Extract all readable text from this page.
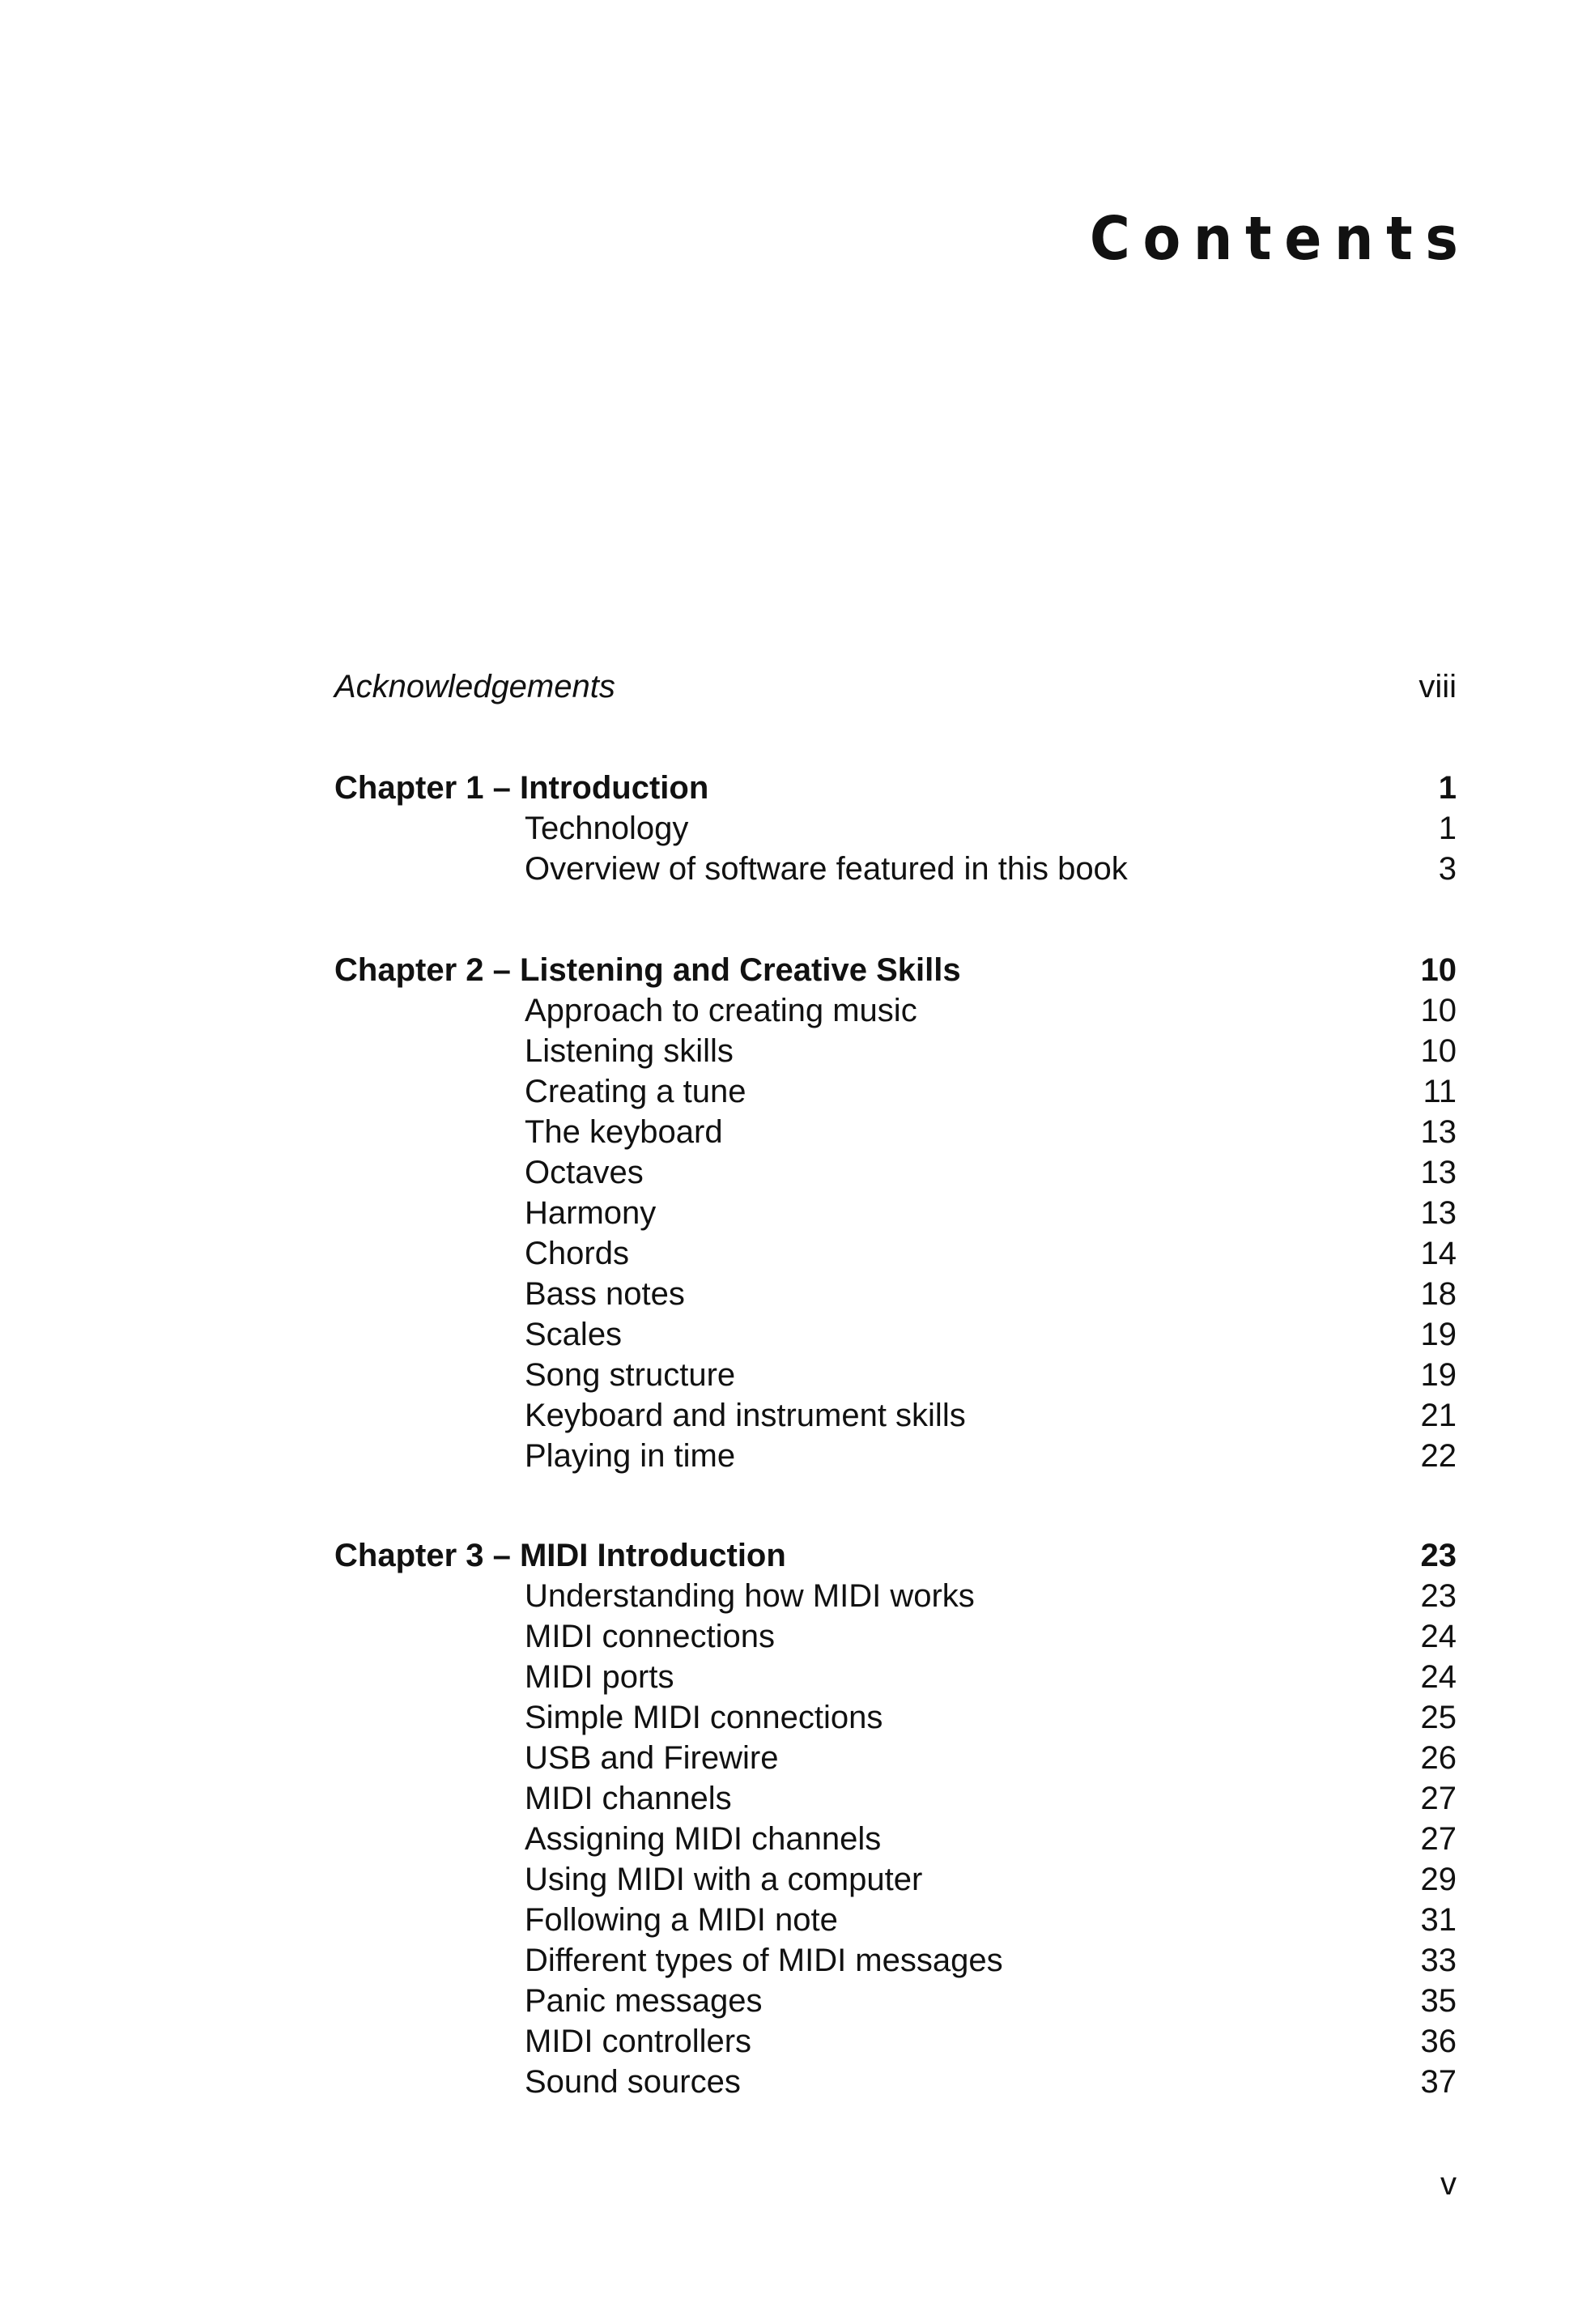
Contents
Acknowledgements	viii
Chapter 1 – Introduction	1
Technology	1
Overview of software featured in this book	3
Chapter 2 – Listening and Creative Skills	10
Approach to creating music	10
Listening skills	10
Creating a tune	11
The keyboard	13
Octaves	13
Harmony	13
Chords	14
Bass notes	18
Scales	19
Song structure	19
Keyboard and instrument skills	21
Playing in time	22
Chapter 3 – MIDI Introduction	23
Understanding how MIDI works	23
MIDI connections	24
MIDI ports	24
Simple MIDI connections	25
USB and Firewire	26
MIDI channels	27
Assigning MIDI channels	27
Using MIDI with a computer	29
Following a MIDI note	31
Different types of MIDI messages	33
Panic messages	35
MIDI controllers	36
Sound sources	37
v
